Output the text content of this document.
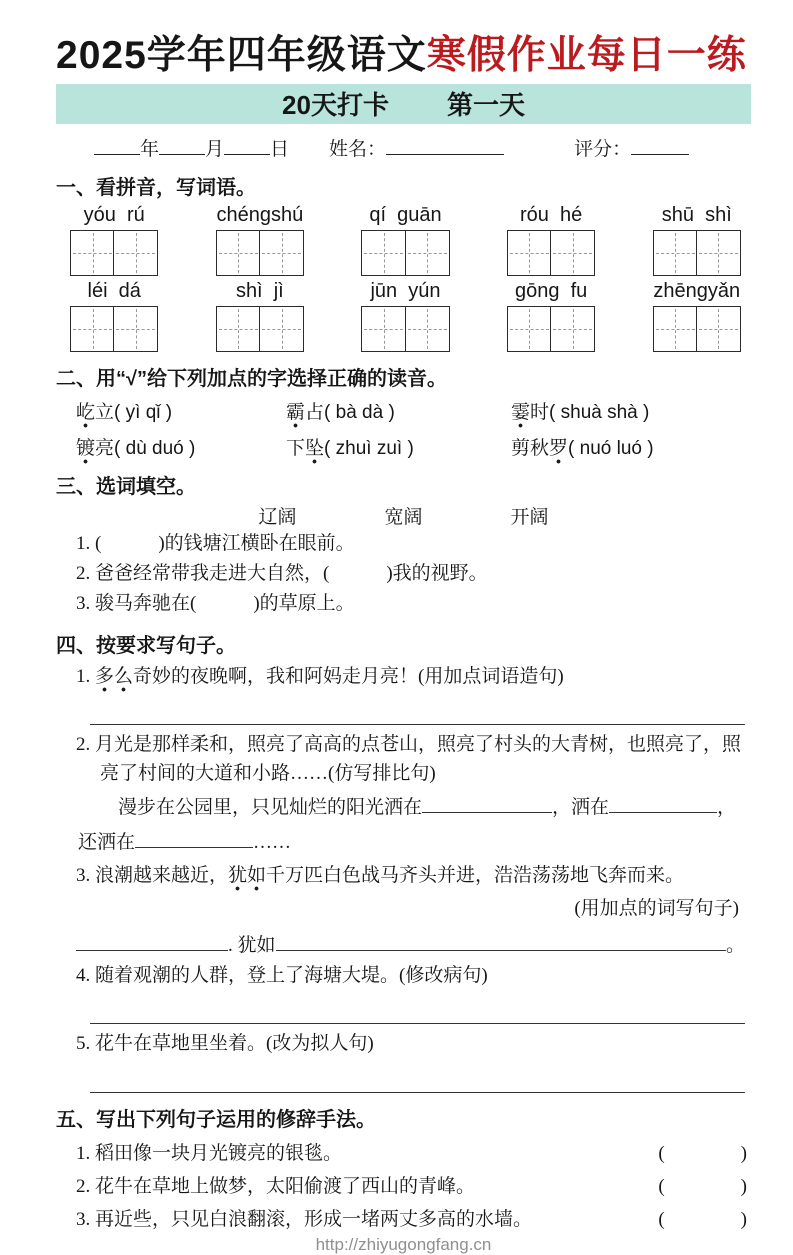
2025学年四年级语文寒假作业每日一练
20天打卡 第一天
年 月 日 姓名：	评分：
一、看拼音，写词语。
yóu  rú	chéngshú	qí  guān	róu  hé	shū  shì
léi  dá	shì  jì	jūn  yún	gōng  fu	zhēngyǎn
二、用“√”给下列加点的字选择正确的读音。
屹立( yì qǐ )	霸占( bà dà )	霎时( shuà shà )
镀亮( dù duó )	下坠( zhuì zuì )	剪秋罗( nuó luó )
三、选词填空。
辽阔	宽阔	开阔
1. (　　　)的钱塘江横卧在眼前。
2. 爸爸经常带我走进大自然，(　　　)我的视野。
3. 骏马奔驰在(　　　)的草原上。
四、按要求写句子。
1. 多么奇妙的夜晚啊，我和阿妈走月亮！(用加点词语造句)
2. 月光是那样柔和，照亮了高高的点苍山，照亮了村头的大青树，也照亮了，照亮了村间的大道和小路……(仿写排比句)
漫步在公园里，只见灿烂的阳光洒在	，洒在	，
还洒在	……
3. 浪潮越来越近，犹如千万匹白色战马齐头并进，浩浩荡荡地飞奔而来。
(用加点的词写句子)
. 犹如	。
4. 随着观潮的人群，登上了海塘大堤。(修改病句)
5. 花牛在草地里坐着。(改为拟人句)
五、写出下列句子运用的修辞手法。
1. 稻田像一块月光镀亮的银毯。	(　　　　)
2. 花牛在草地上做梦，太阳偷渡了西山的青峰。	(　　　　)
3. 再近些，只见白浪翻滚，形成一堵两丈多高的水墙。	(　　　　)
http://zhiyugongfang.cn
